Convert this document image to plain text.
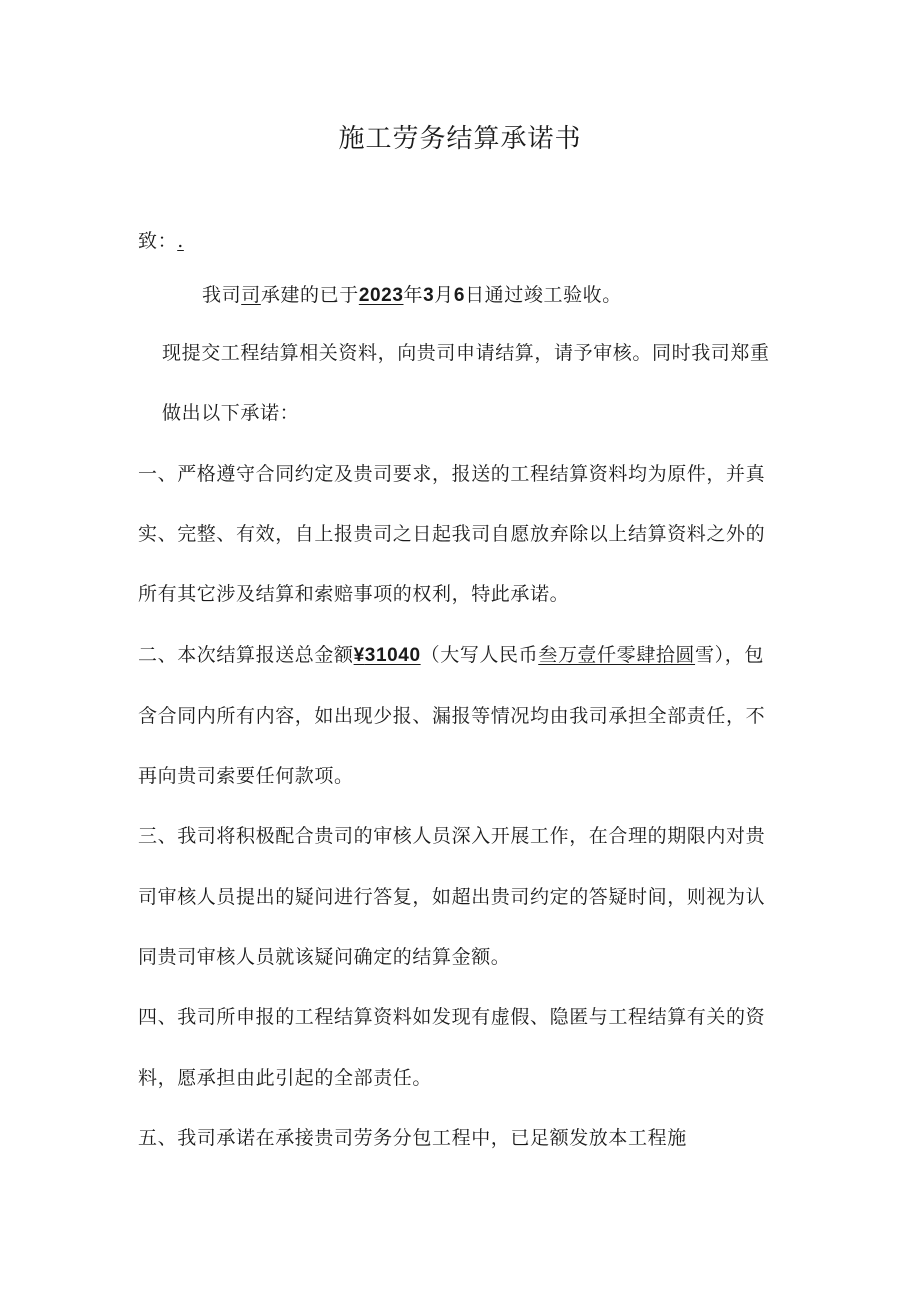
施工劳务结算承诺书
致：.
我司司承建的已于2023年3月6日通过竣工验收。
现提交工程结算相关资料，向贵司申请结算，请予审核。同时我司郑重
做出以下承诺：
一、严格遵守合同约定及贵司要求，报送的工程结算资料均为原件，并真
实、完整、有效，自上报贵司之日起我司自愿放弃除以上结算资料之外的
所有其它涉及结算和索赔事项的权利，特此承诺。
二、本次结算报送总金额¥31040（大写人民币叁万壹仟零肆拾圆雪），包
含合同内所有内容，如出现少报、漏报等情况均由我司承担全部责任，不
再向贵司索要任何款项。
三、我司将积极配合贵司的审核人员深入开展工作，在合理的期限内对贵
司审核人员提出的疑问进行答复，如超出贵司约定的答疑时间，则视为认
同贵司审核人员就该疑问确定的结算金额。
四、我司所申报的工程结算资料如发现有虚假、隐匿与工程结算有关的资
料，愿承担由此引起的全部责任。
五、我司承诺在承接贵司劳务分包工程中，已足额发放本工程施
